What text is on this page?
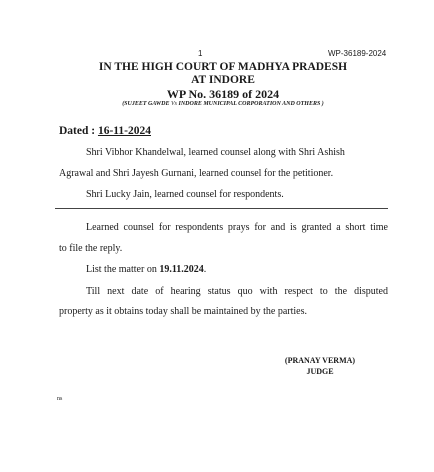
1	WP-36189-2024
IN THE HIGH COURT OF MADHYA PRADESH
AT INDORE
WP No. 36189 of 2024
(SUJEET GAWDE Vs INDORE MUNICIPAL CORPORATION AND OTHERS )
Dated : 16-11-2024
Shri Vibhor Khandelwal, learned counsel along with Shri Ashish
Agrawal and Shri Jayesh Gurnani, learned counsel for the petitioner.
Shri Lucky Jain, learned counsel for respondents.
Learned counsel for respondents prays for and is granted a short time
to file the reply.
List the matter on 19.11.2024.
Till next date of hearing status quo with respect to the disputed
property as it obtains today shall be maintained by the parties.
(PRANAY VERMA)
JUDGE
ns
